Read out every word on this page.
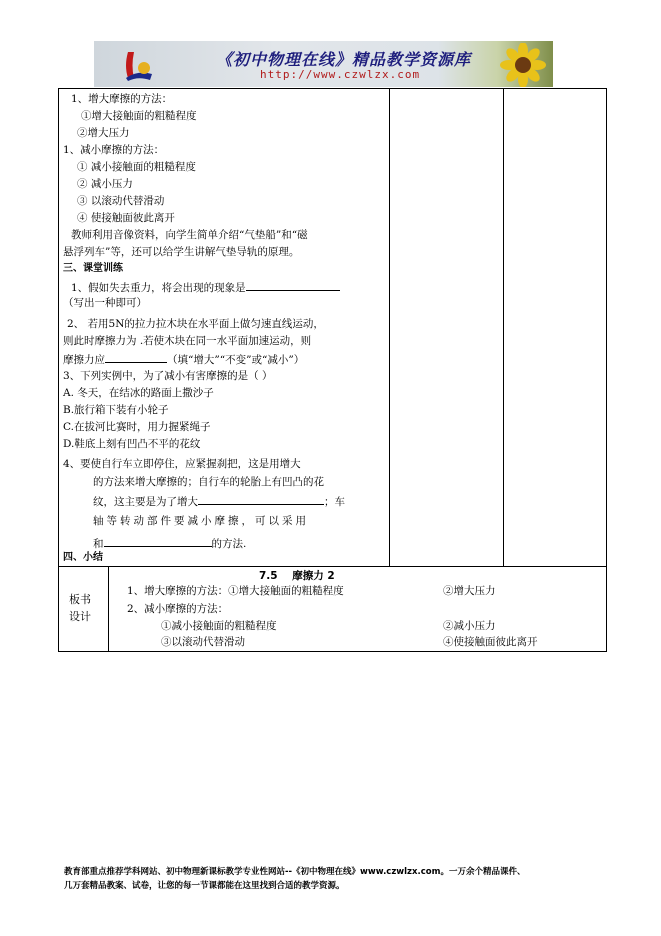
《初中物理在线》精品教学资源库
http://www.czwlzx.com
1、增大摩擦的方法：
①增大接触面的粗糙程度
②增大压力
1、减小摩擦的方法：
① 减小接触面的粗糙程度
② 减小压力
③ 以滚动代替滑动
④ 使接触面彼此离开
教师利用音像资料，向学生简单介绍“气垫船”和“磁
悬浮列车”等，还可以给学生讲解气垫导轨的原理。
三、课堂训练
1、假如失去重力，将会出现的现象是
（写出一种即可）
2、 若用5N的拉力拉木块在水平面上做匀速直线运动，
则此时摩擦力为 .若使木块在同一水平面加速运动，则
摩擦力应	（填“增大”“不变”或“减小”）
3、下列实例中，为了减小有害摩擦的是（ ）
A. 冬天，在结冰的路面上撒沙子
B.旅行箱下装有小轮子
C.在拔河比赛时，用力握紧绳子
D.鞋底上刻有凹凸不平的花纹
4、要使自行车立即停住，应紧握刹把，这是用增大
的方法来增大摩擦的；自行车的轮胎上有凹凸的花
纹，这主要是为了增大	；车
轴等转动部件要减小摩擦，可以采用
和	的方法.
四、小结
板书
设计
7.5    摩擦力 2
1、增大摩擦的方法：①增大接触面的粗糙程度	②增大压力
2、减小摩擦的方法：
①减小接触面的粗糙程度	②减小压力
③以滚动代替滑动	④使接触面彼此离开
教育部重点推荐学科网站、初中物理新课标教学专业性网站--《初中物理在线》www.czwlzx.com。一万余个精品课件、
几万套精品教案、试卷，让您的每一节课都能在这里找到合适的教学资源。
